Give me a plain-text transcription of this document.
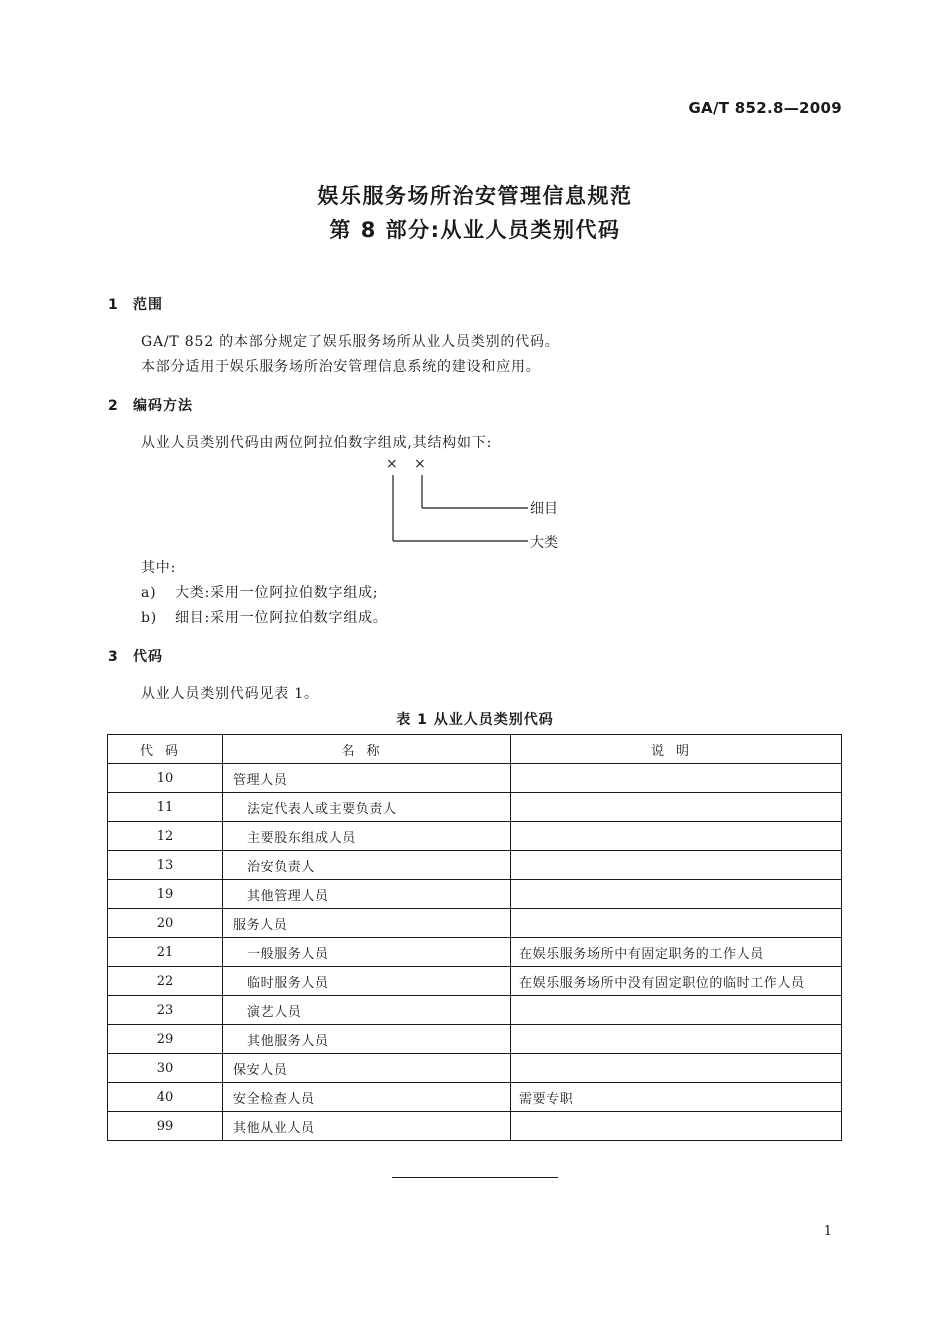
GA/T 852.8—2009
娱乐服务场所治安管理信息规范
第 8 部分:从业人员类别代码
1 范围
GA/T 852 的本部分规定了娱乐服务场所从业人员类别的代码。
本部分适用于娱乐服务场所治安管理信息系统的建设和应用。
2 编码方法
从业人员类别代码由两位阿拉伯数字组成,其结构如下:
× ×
细目
大类
其中:
a) 大类:采用一位阿拉伯数字组成;
b) 细目:采用一位阿拉伯数字组成。
3 代码
从业人员类别代码见表 1。
表 1 从业人员类别代码
代码	名称	说明
10	管理人员	
11	法定代表人或主要负责人	
12	主要股东组成人员	
13	治安负责人	
19	其他管理人员	
20	服务人员	
21	一般服务人员	在娱乐服务场所中有固定职务的工作人员
22	临时服务人员	在娱乐服务场所中没有固定职位的临时工作人员
23	演艺人员	
29	其他服务人员	
30	保安人员	
40	安全检查人员	需要专职
99	其他从业人员	
1
